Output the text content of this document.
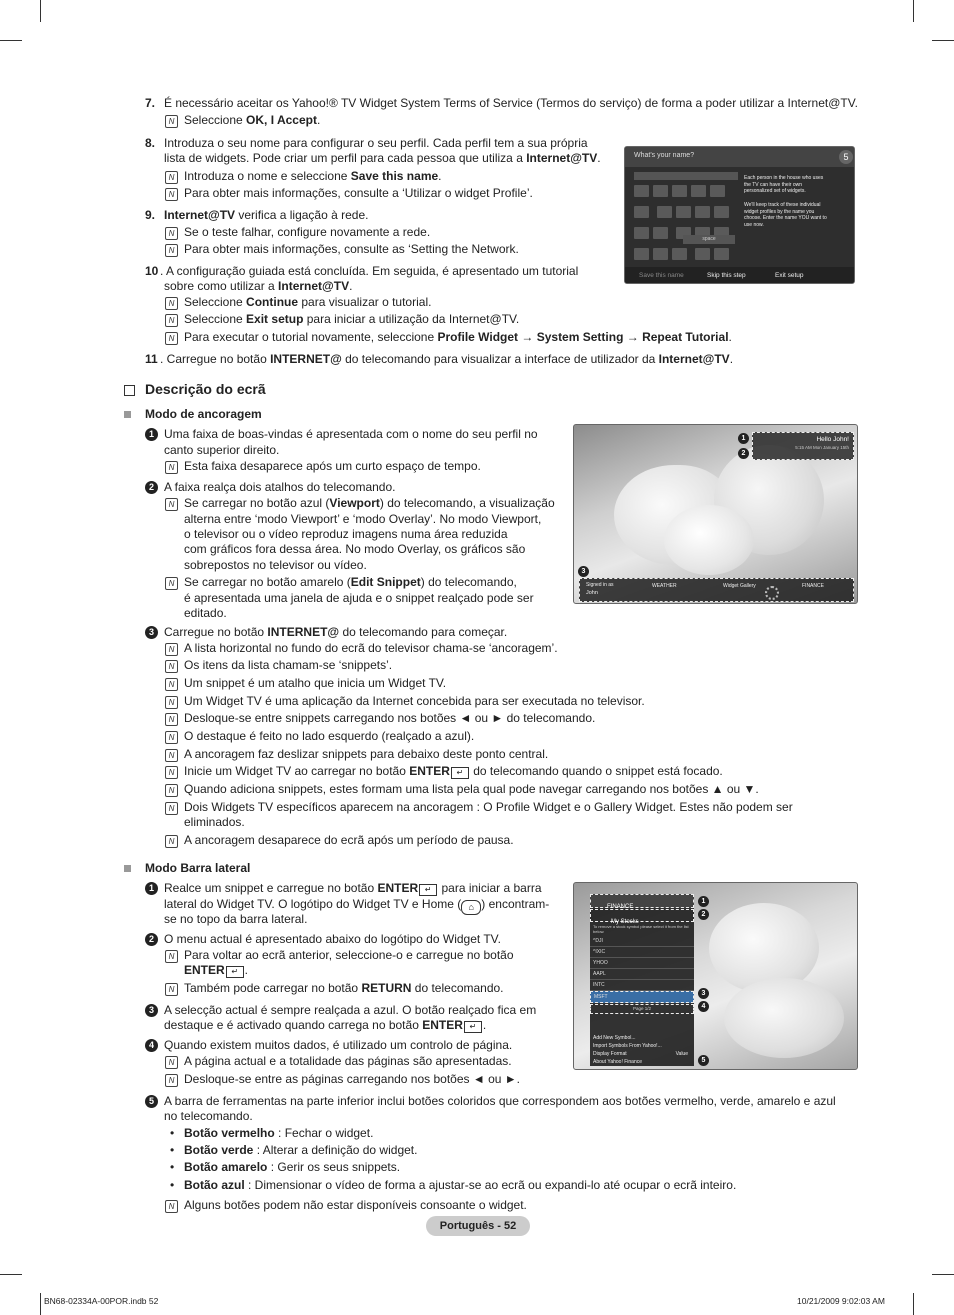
7. É necessário aceitar os Yahoo!® TV Widget System Terms of Service (Termos do serviço) de forma a poder utilizar a Internet@TV.
N Seleccione OK, I Accept.
8. Introduza o seu nome para configurar o seu perfil. Cada perfil tem a sua própria
lista de widgets. Pode criar um perfil para cada pessoa que utiliza a Internet@TV.
N Introduza o nome e seleccione Save this name.
N Para obter mais informações, consulte a ‘Utilizar o widget Profile’.
9. Internet@TV verifica a ligação à rede.
N Se o teste falhar, configure novamente a rede.
N Para obter mais informações, consulte as ‘Setting the Network.
10 . A configuração guiada está concluída. Em seguida, é apresentado um tutorial
sobre como utilizar a Internet@TV.
N Seleccione Continue para visualizar o tutorial.
N Seleccione Exit setup para iniciar a utilização da Internet@TV.
N Para executar o tutorial novamente, seleccione Profile Widget → System Setting → Repeat Tutorial.
11 . Carregue no botão INTERNET@ do telecomando para visualizar a interface de utilizador da Internet@TV.
What's your name?	5

space
Each person in the house who uses the TV can have their own personalized set of widgets.
We'll keep track of these individual widget profiles by the name you choose. Enter the name YOU want to use now.
Save this name	Skip this step	Exit setup
Descrição do ecrã
Modo de ancoragem
1 Uma faixa de boas-vindas é apresentada com o nome do seu perfil no
canto superior direito.
N Esta faixa desaparece após um curto espaço de tempo.
2 A faixa realça dois atalhos do telecomando.
N Se carregar no botão azul (Viewport) do telecomando, a visualização
alterna entre ‘modo Viewport’ e ‘modo Overlay’. No modo Viewport,
o televisor ou o vídeo reproduz imagens numa área reduzida
com gráficos fora dessa área. No modo Overlay, os gráficos são
sobrepostos no televisor ou vídeo.
N Se carregar no botão amarelo (Edit Snippet) do telecomando,
é apresentada uma janela de ajuda e o snippet realçado pode ser
editado.
3 Carregue no botão INTERNET@ do telecomando para começar.
N A lista horizontal no fundo do ecrã do televisor chama-se ‘ancoragem’.
N Os itens da lista chamam-se ‘snippets’.
N Um snippet é um atalho que inicia um Widget TV.
N Um Widget TV é uma aplicação da Internet concebida para ser executada no televisor.
N Desloque-se entre snippets carregando nos botões ◄ ou ► do telecomando.
N O destaque é feito no lado esquerdo (realçado a azul).
N A ancoragem faz deslizar snippets para debaixo deste ponto central.
N Inicie um Widget TV ao carregar no botão ENTER ↵ do telecomando quando o snippet está focado.
N Quando adiciona snippets, estes formam uma lista pela qual pode navegar carregando nos botões ▲ ou ▼.
N Dois Widgets TV específicos aparecem na ancoragem : O Profile Widget e o Gallery Widget. Estes não podem ser
eliminados.
N A ancoragem desaparece do ecrã após um período de pausa.
Hello John!
5:15 AM Mon January 15th
1
2
3
Signed in as
John
WEATHER	Widget Gallery	FINANCE
Modo Barra lateral
1 Realce um snippet e carregue no botão ENTER ↵ para iniciar a barra
lateral do Widget TV. O logótipo do Widget TV e Home ( ⌂ ) encontram-
se no topo da barra lateral.
2 O menu actual é apresentado abaixo do logótipo do Widget TV.
N Para voltar ao ecrã anterior, seleccione-o e carregue no botão
ENTER ↵ .
N Também pode carregar no botão RETURN do telecomando.
3 A selecção actual é sempre realçada a azul. O botão realçado fica em
destaque e é activado quando carrega no botão ENTER ↵ .
4 Quando existem muitos dados, é utilizado um controlo de página.
N A página actual e a totalidade das páginas são apresentadas.
N Desloque-se entre as páginas carregando nos botões ◄ ou ►.
5 A barra de ferramentas na parte inferior inclui botões coloridos que correspondem aos botões vermelho, verde, amarelo e azul
no telecomando.
• Botão vermelho : Fechar o widget.
• Botão verde : Alterar a definição do widget.
• Botão amarelo : Gerir os seus snippets.
• Botão azul : Dimensionar o vídeo de forma a ajustar-se ao ecrã ou expandi-lo até ocupar o ecrã inteiro.
N Alguns botões podem não estar disponíveis consoante o widget.
FINANCE
My Stocks
To remove a stock symbol please select it from the list below.
^DJI
^IXIC
YHOO
AAPL
INTC
MSFT
Page 1/2
Add New Symbol...
Import Symbols From Yahoo!...
Display Format	Value
About Yahoo! Finance
1
2
3
4
5
Português - 52
BN68-02334A-00POR.indb 52	10/21/2009 9:02:03 AM
